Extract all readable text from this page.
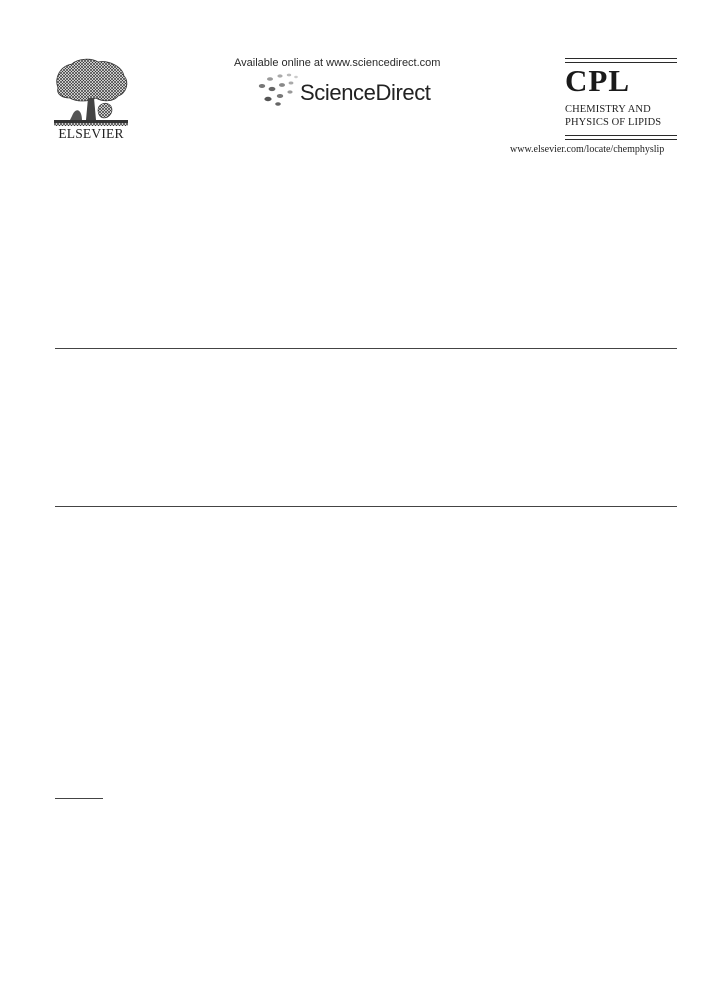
ELSEVIER
Available online at www.sciencedirect.com
ScienceDirect	CPL
CHEMISTRY AND
PHYSICS OF LIPIDS
www.elsevier.com/locate/chemphyslip
